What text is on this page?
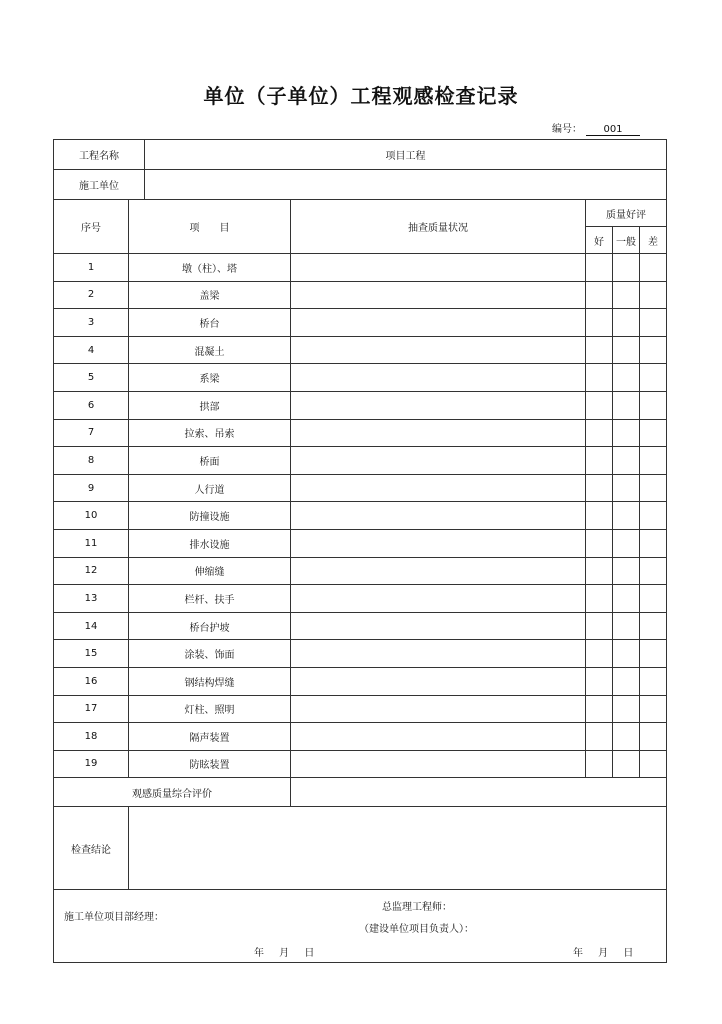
单位（子单位）工程观感检查记录
编号： 001
工程名称		项目工程				
施工单位						
序号	项　　目		抽查质量状况	质量好评		
				好	一般	差
1	墩（柱）、塔					
2	盖梁					
3	桥台					
4	混凝土					
5	系梁					
6	拱部					
7	拉索、吊索					
8	桥面					
9	人行道					
10	防撞设施					
11	排水设施					
12	伸缩缝					
13	栏杆、扶手					
14	桥台护坡					
15	涂装、饰面					
16	钢结构焊缝					
17	灯柱、照明					
18	隔声装置					
19	防眩装置					
观感质量综合评价						
检查结论						

施工单位项目部经理：
总监理工程师：
（建设单位项目负责人）：
年 月 日 年 月 日						
